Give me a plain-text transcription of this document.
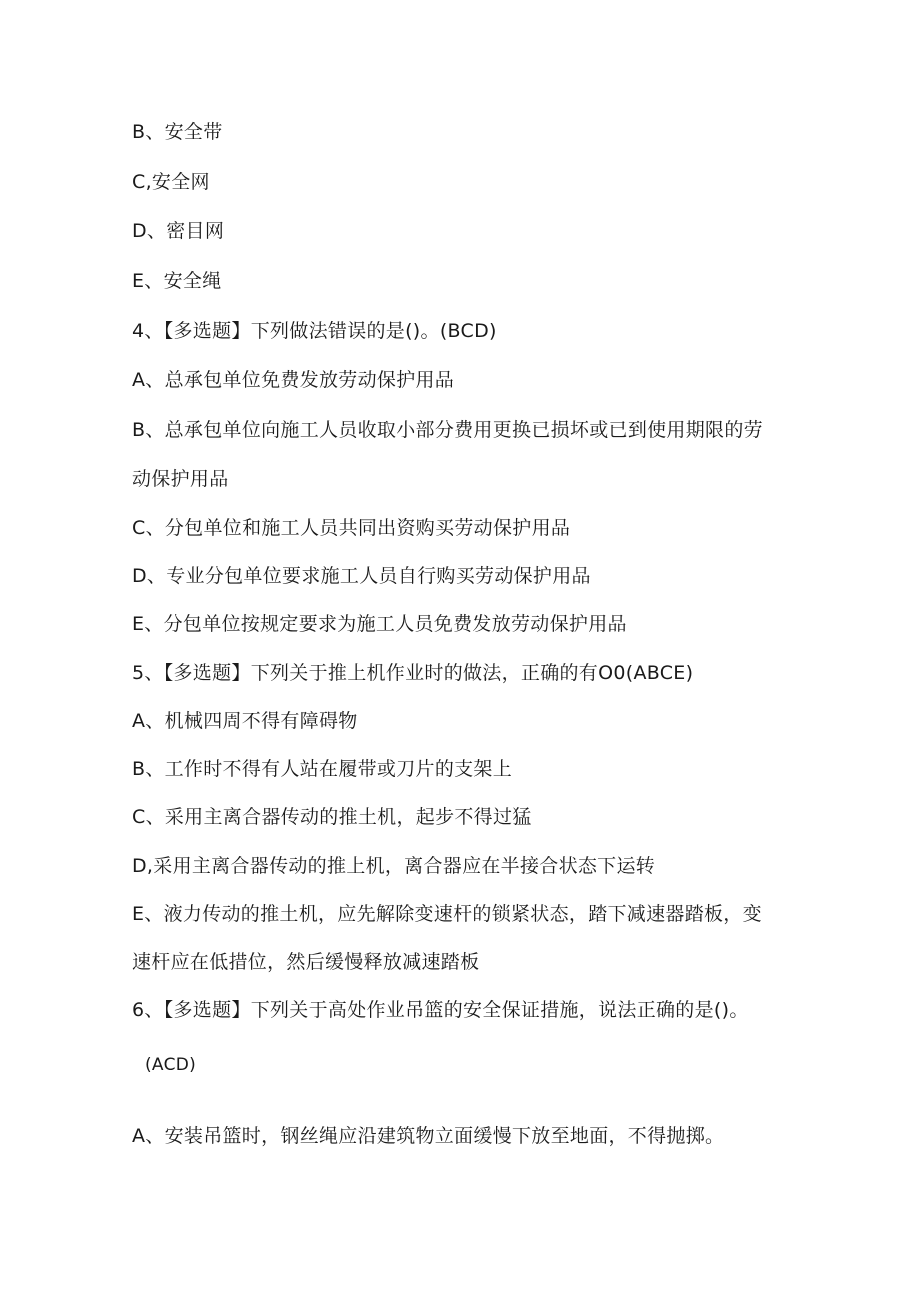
B、安全带
C,安全网
D、密目网
E、安全绳
4、【多选题】下列做法错误的是()。(BCD)
A、总承包单位免费发放劳动保护用品
B、总承包单位向施工人员收取小部分费用更换已损坏或已到使用期限的劳
动保护用品
C、分包单位和施工人员共同出资购买劳动保护用品
D、专业分包单位要求施工人员自行购买劳动保护用品
E、分包单位按规定要求为施工人员免费发放劳动保护用品
5、【多选题】下列关于推上机作业时的做法，正确的有O0(ABCE)
A、机械四周不得有障碍物
B、工作时不得有人站在履带或刀片的支架上
C、采用主离合器传动的推土机，起步不得过猛
D,采用主离合器传动的推上机，离合器应在半接合状态下运转
E、液力传动的推土机，应先解除变速杆的锁紧状态，踏下减速器踏板，变
速杆应在低措位，然后缓慢释放减速踏板
6、【多选题】下列关于高处作业吊篮的安全保证措施，说法正确的是()。
(ACD)
A、安装吊篮时，钢丝绳应沿建筑物立面缓慢下放至地面，不得抛掷。
